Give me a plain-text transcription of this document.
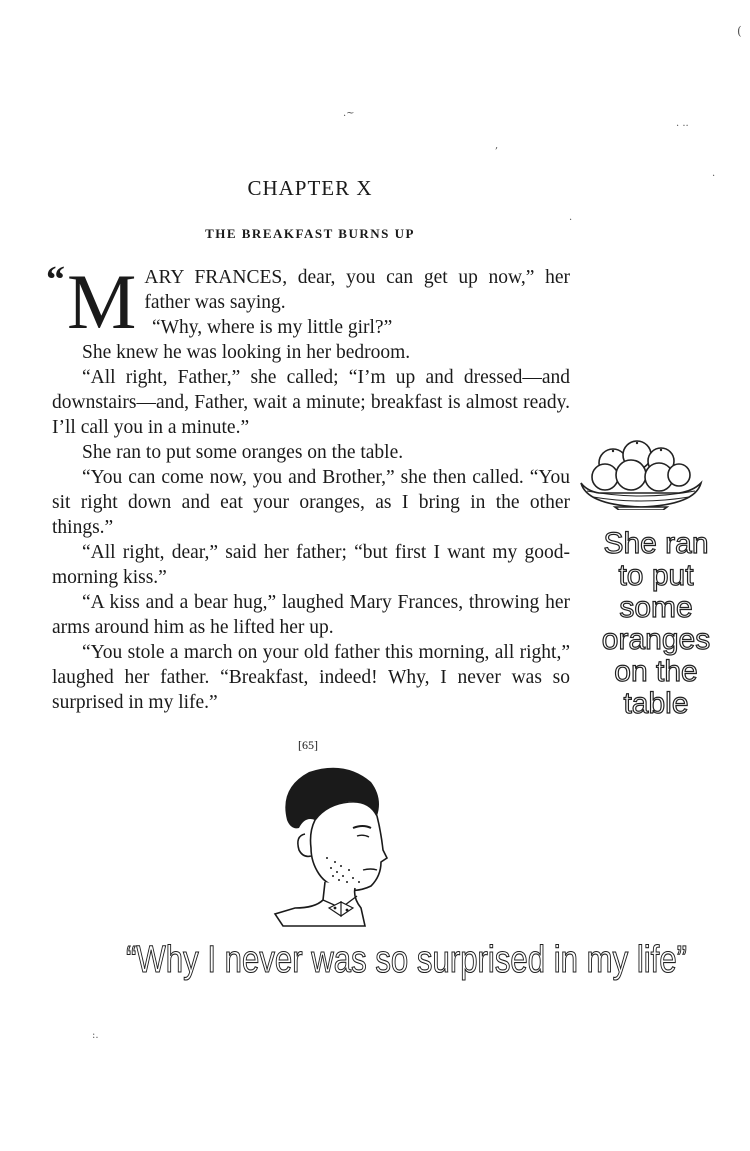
.~
. ..
,
.
(
.
:.
CHAPTER X
THE BREAKFAST BURNS UP

“ M ARY FRANCES, dear, you can get up now,” her father was saying.

“Why, where is my little girl?”

She knew he was looking in her bedroom.

“All right, Father,” she called; “I’m up and dressed—and downstairs—and, Father, wait a minute; breakfast is almost ready. I’ll call you in a minute.”

She ran to put some oranges on the table.

“You can come now, you and Brother,” she then called. “You sit right down and eat your oranges, as I bring in the other things.”

“All right, dear,” said her father; “but first I want my good-morning kiss.”

“A kiss and a bear hug,” laughed Mary Frances, throwing her arms around him as he lifted her up.

“You stole a march on your old father this morning, all right,” laughed her father. “Breakfast, indeed! Why, I never was so surprised in my life.”

[65]
She ran
to put
some
oranges
on the
table
“Why I never was so surprised in my life”
